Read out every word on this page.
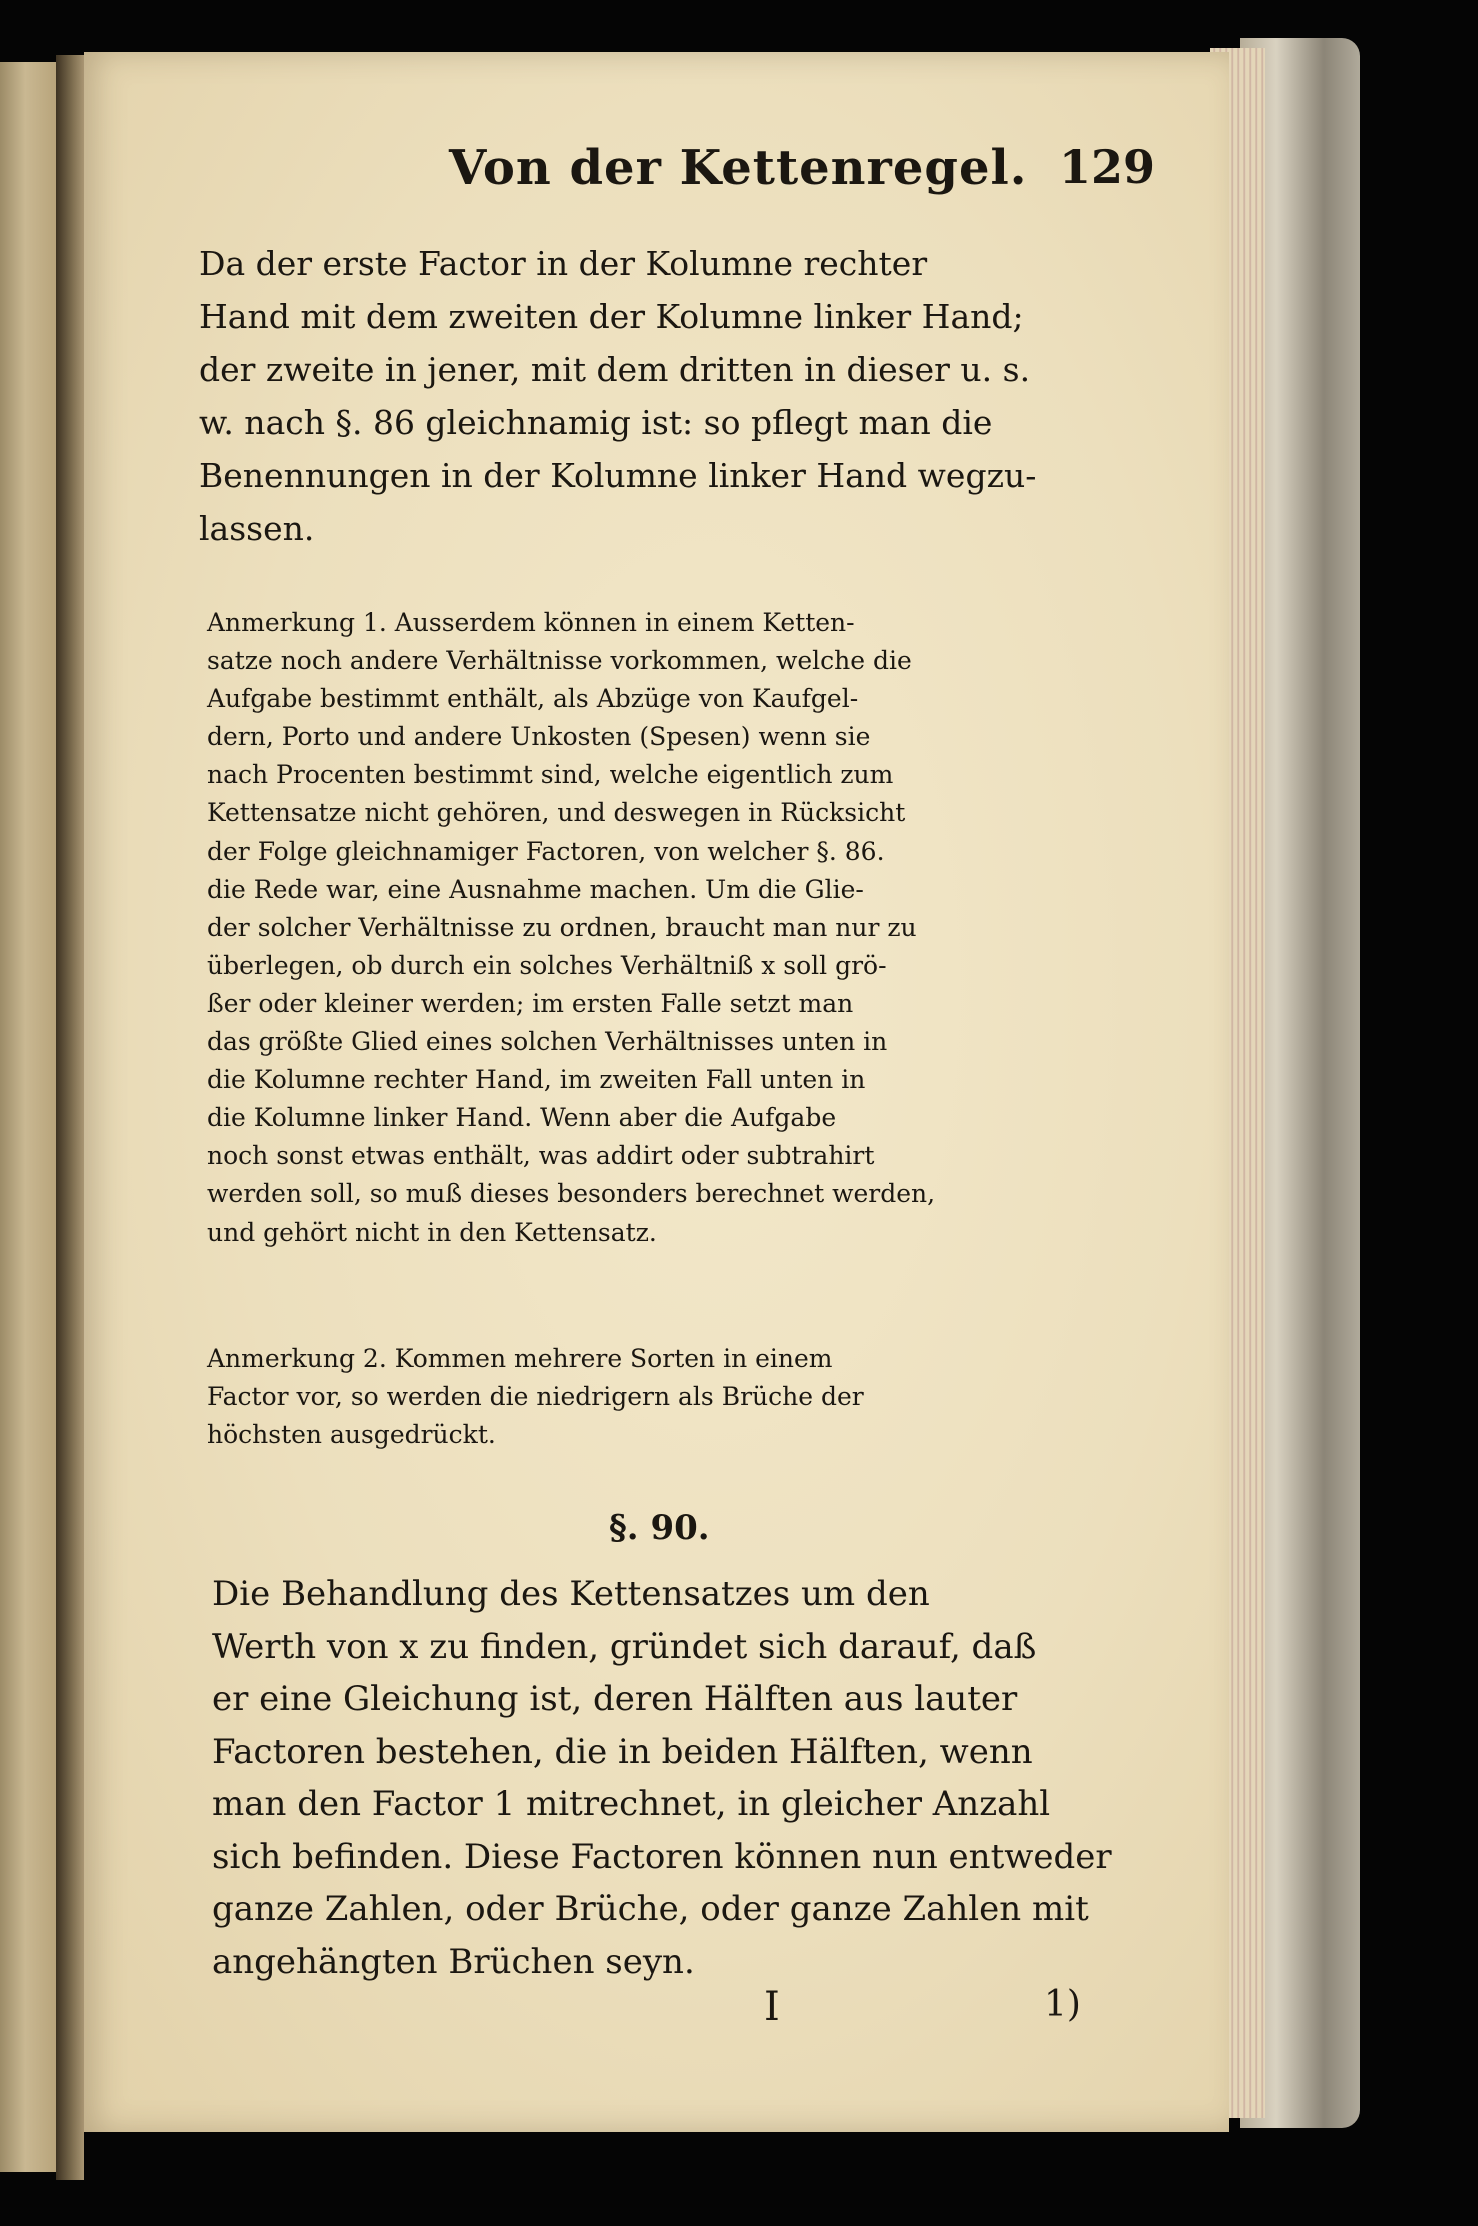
Von der Kettenregel. 129
Da der erste Factor in der Kolumne rechter
Hand mit dem zweiten der Kolumne linker Hand;
der zweite in jener, mit dem dritten in dieser u. s.
w. nach §. 86 gleichnamig ist: so pflegt man die
Benennungen in der Kolumne linker Hand wegzu-
lassen.
Anmerkung 1. Ausserdem können in einem Ketten-
satze noch andere Verhältnisse vorkommen, welche die
Aufgabe bestimmt enthält, als Abzüge von Kaufgel-
dern, Porto und andere Unkosten (Spesen) wenn sie
nach Procenten bestimmt sind, welche eigentlich zum
Kettensatze nicht gehören, und deswegen in Rücksicht
der Folge gleichnamiger Factoren, von welcher §. 86.
die Rede war, eine Ausnahme machen. Um die Glie-
der solcher Verhältnisse zu ordnen, braucht man nur zu
überlegen, ob durch ein solches Verhältniß x soll grö-
ßer oder kleiner werden; im ersten Falle setzt man
das größte Glied eines solchen Verhältnisses unten in
die Kolumne rechter Hand, im zweiten Fall unten in
die Kolumne linker Hand. Wenn aber die Aufgabe
noch sonst etwas enthält, was addirt oder subtrahirt
werden soll, so muß dieses besonders berechnet werden,
und gehört nicht in den Kettensatz.
Anmerkung 2. Kommen mehrere Sorten in einem
Factor vor, so werden die niedrigern als Brüche der
höchsten ausgedrückt.
§. 90.
Die Behandlung des Kettensatzes um den
Werth von x zu finden, gründet sich darauf, daß
er eine Gleichung ist, deren Hälften aus lauter
Factoren bestehen, die in beiden Hälften, wenn
man den Factor 1 mitrechnet, in gleicher Anzahl
sich befinden. Diese Factoren können nun entweder
ganze Zahlen, oder Brüche, oder ganze Zahlen mit
angehängten Brüchen seyn.
I	1)
